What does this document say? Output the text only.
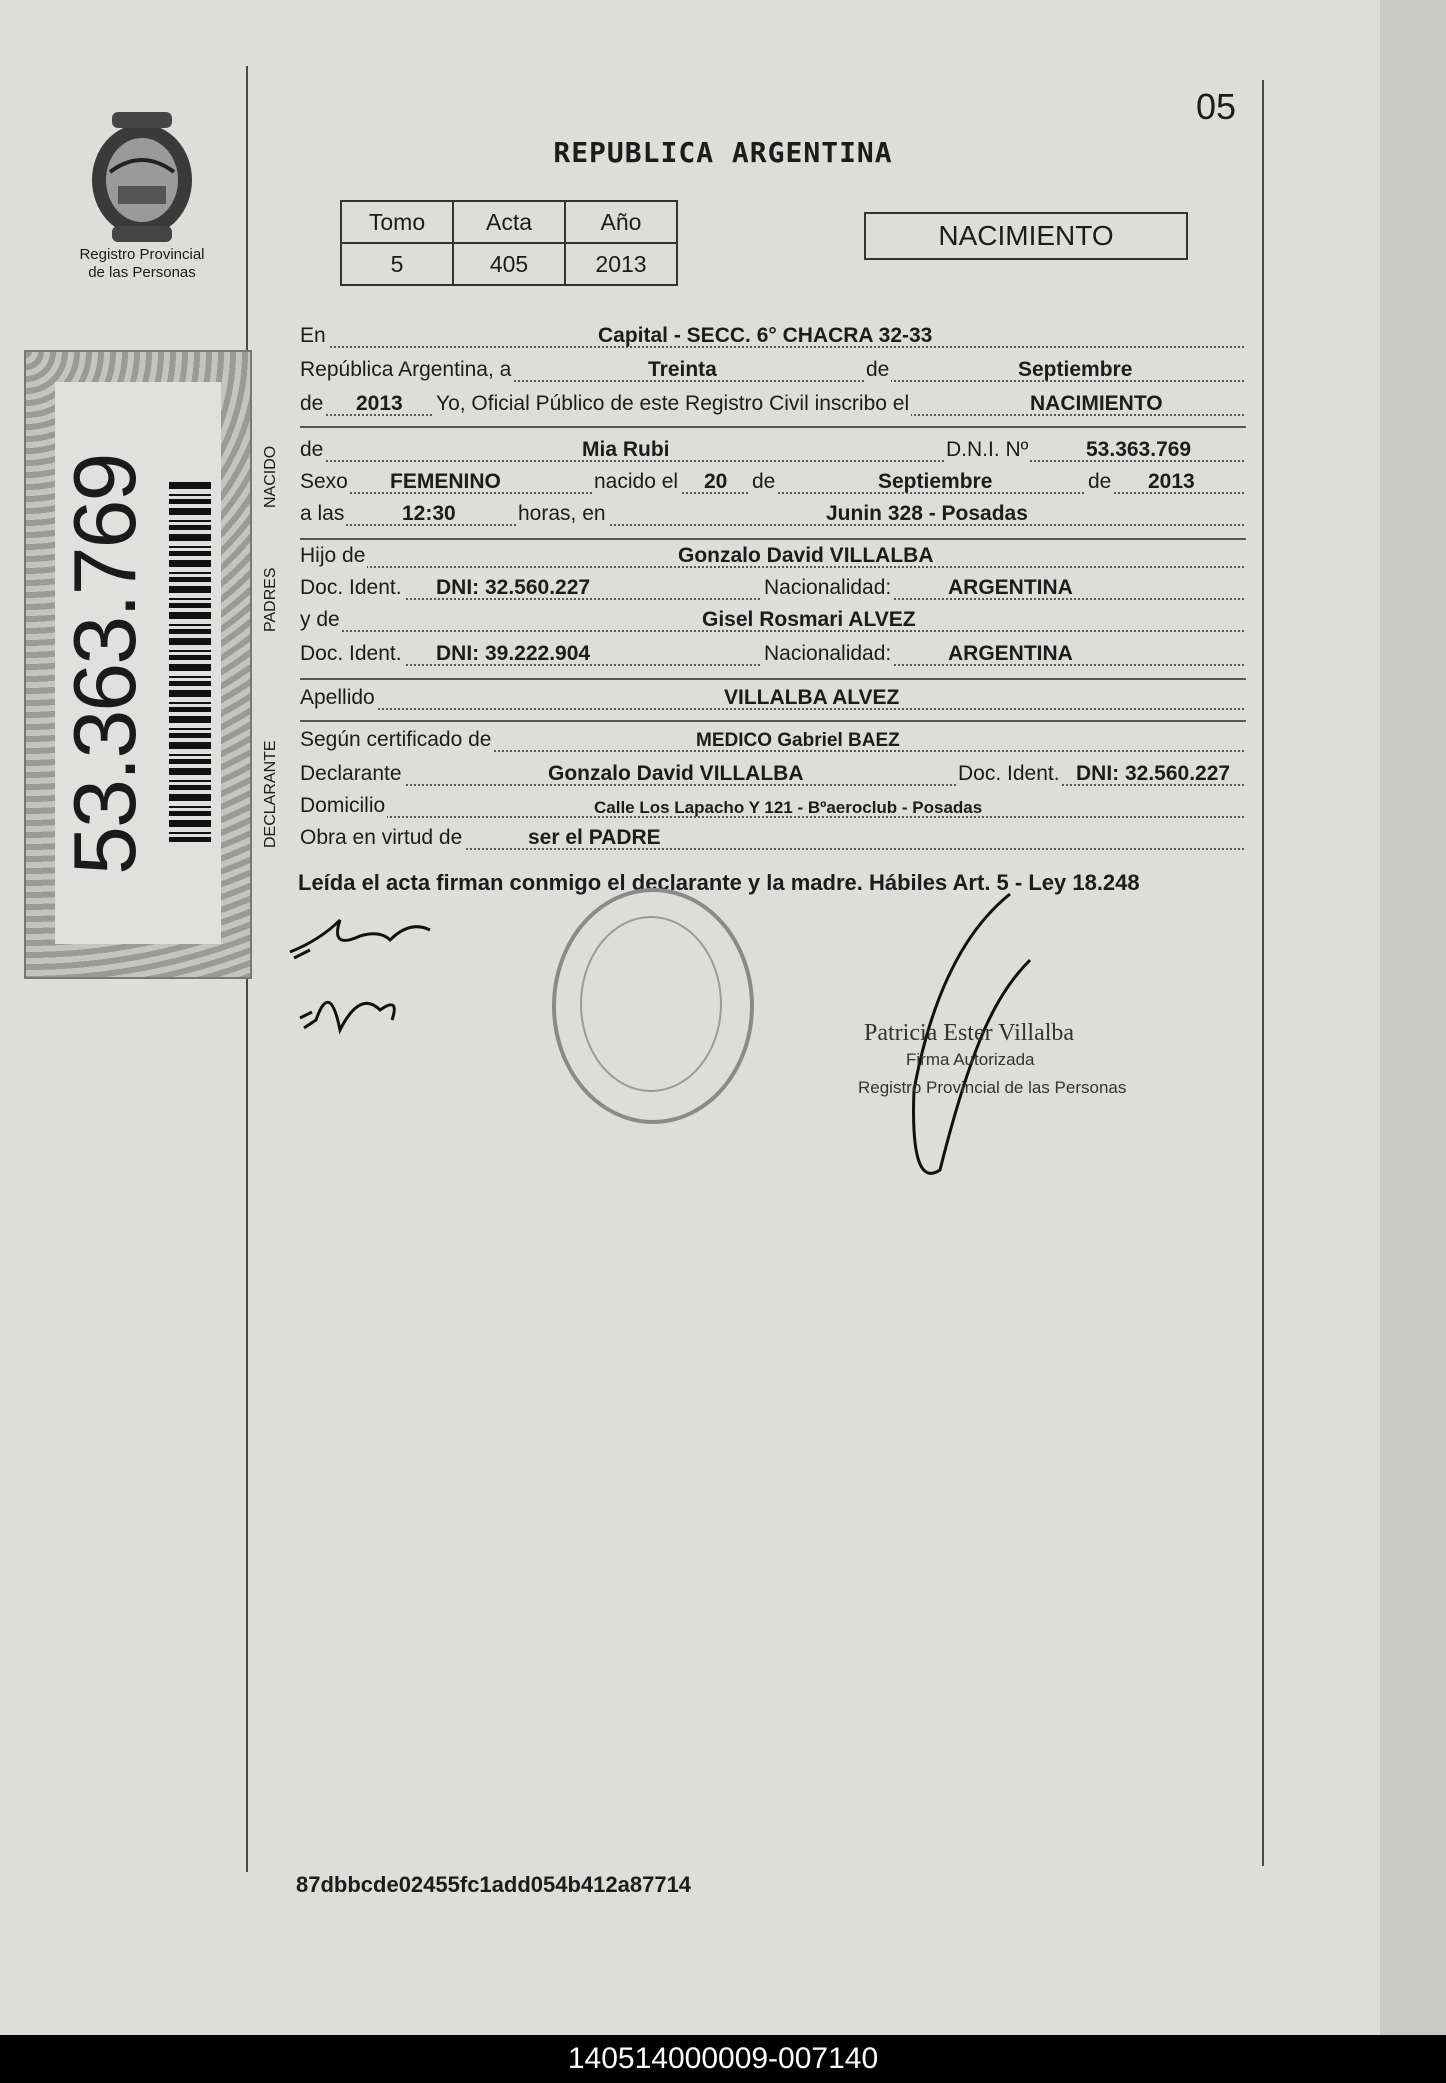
Registro Provincial
de las Personas
53.363.769
05
REPUBLICA ARGENTINA
Tomo	Acta	Año
5	405	2013
NACIMIENTO
En	Capital - SECC. 6° CHACRA 32-33
República Argentina, a	Treinta	de	Septiembre
de 2013 Yo, Oficial Público de este Registro Civil inscribo el	NACIMIENTO
NACIDO de	Mia Rubi	D.N.I. Nº	53.363.769
Sexo FEMENINO	nacido el 20 de	Septiembre	de 2013
a las	12:30	horas, en	Junin 328 - Posadas
PADRES
Hijo de	Gonzalo David VILLALBA
Doc. Ident. DNI: 32.560.227	Nacionalidad:	ARGENTINA
y de	Gisel Rosmari ALVEZ
Doc. Ident. DNI: 39.222.904	Nacionalidad:	ARGENTINA
Apellido	VILLALBA ALVEZ
DECLARANTE
Según certificado de	MEDICO Gabriel BAEZ
Declarante	Gonzalo David VILLALBA	Doc. Ident. DNI: 32.560.227
Domicilio	Calle Los Lapacho Y 121 - Bºaeroclub - Posadas
Obra en virtud de	ser el PADRE
Leída el acta firman conmigo el declarante y la madre. Hábiles Art. 5 - Ley 18.248
Patricia Ester Villalba
Firma Autorizada
Registro Provincial de las Personas
87dbbcde02455fc1add054b412a87714
140514000009-007140
